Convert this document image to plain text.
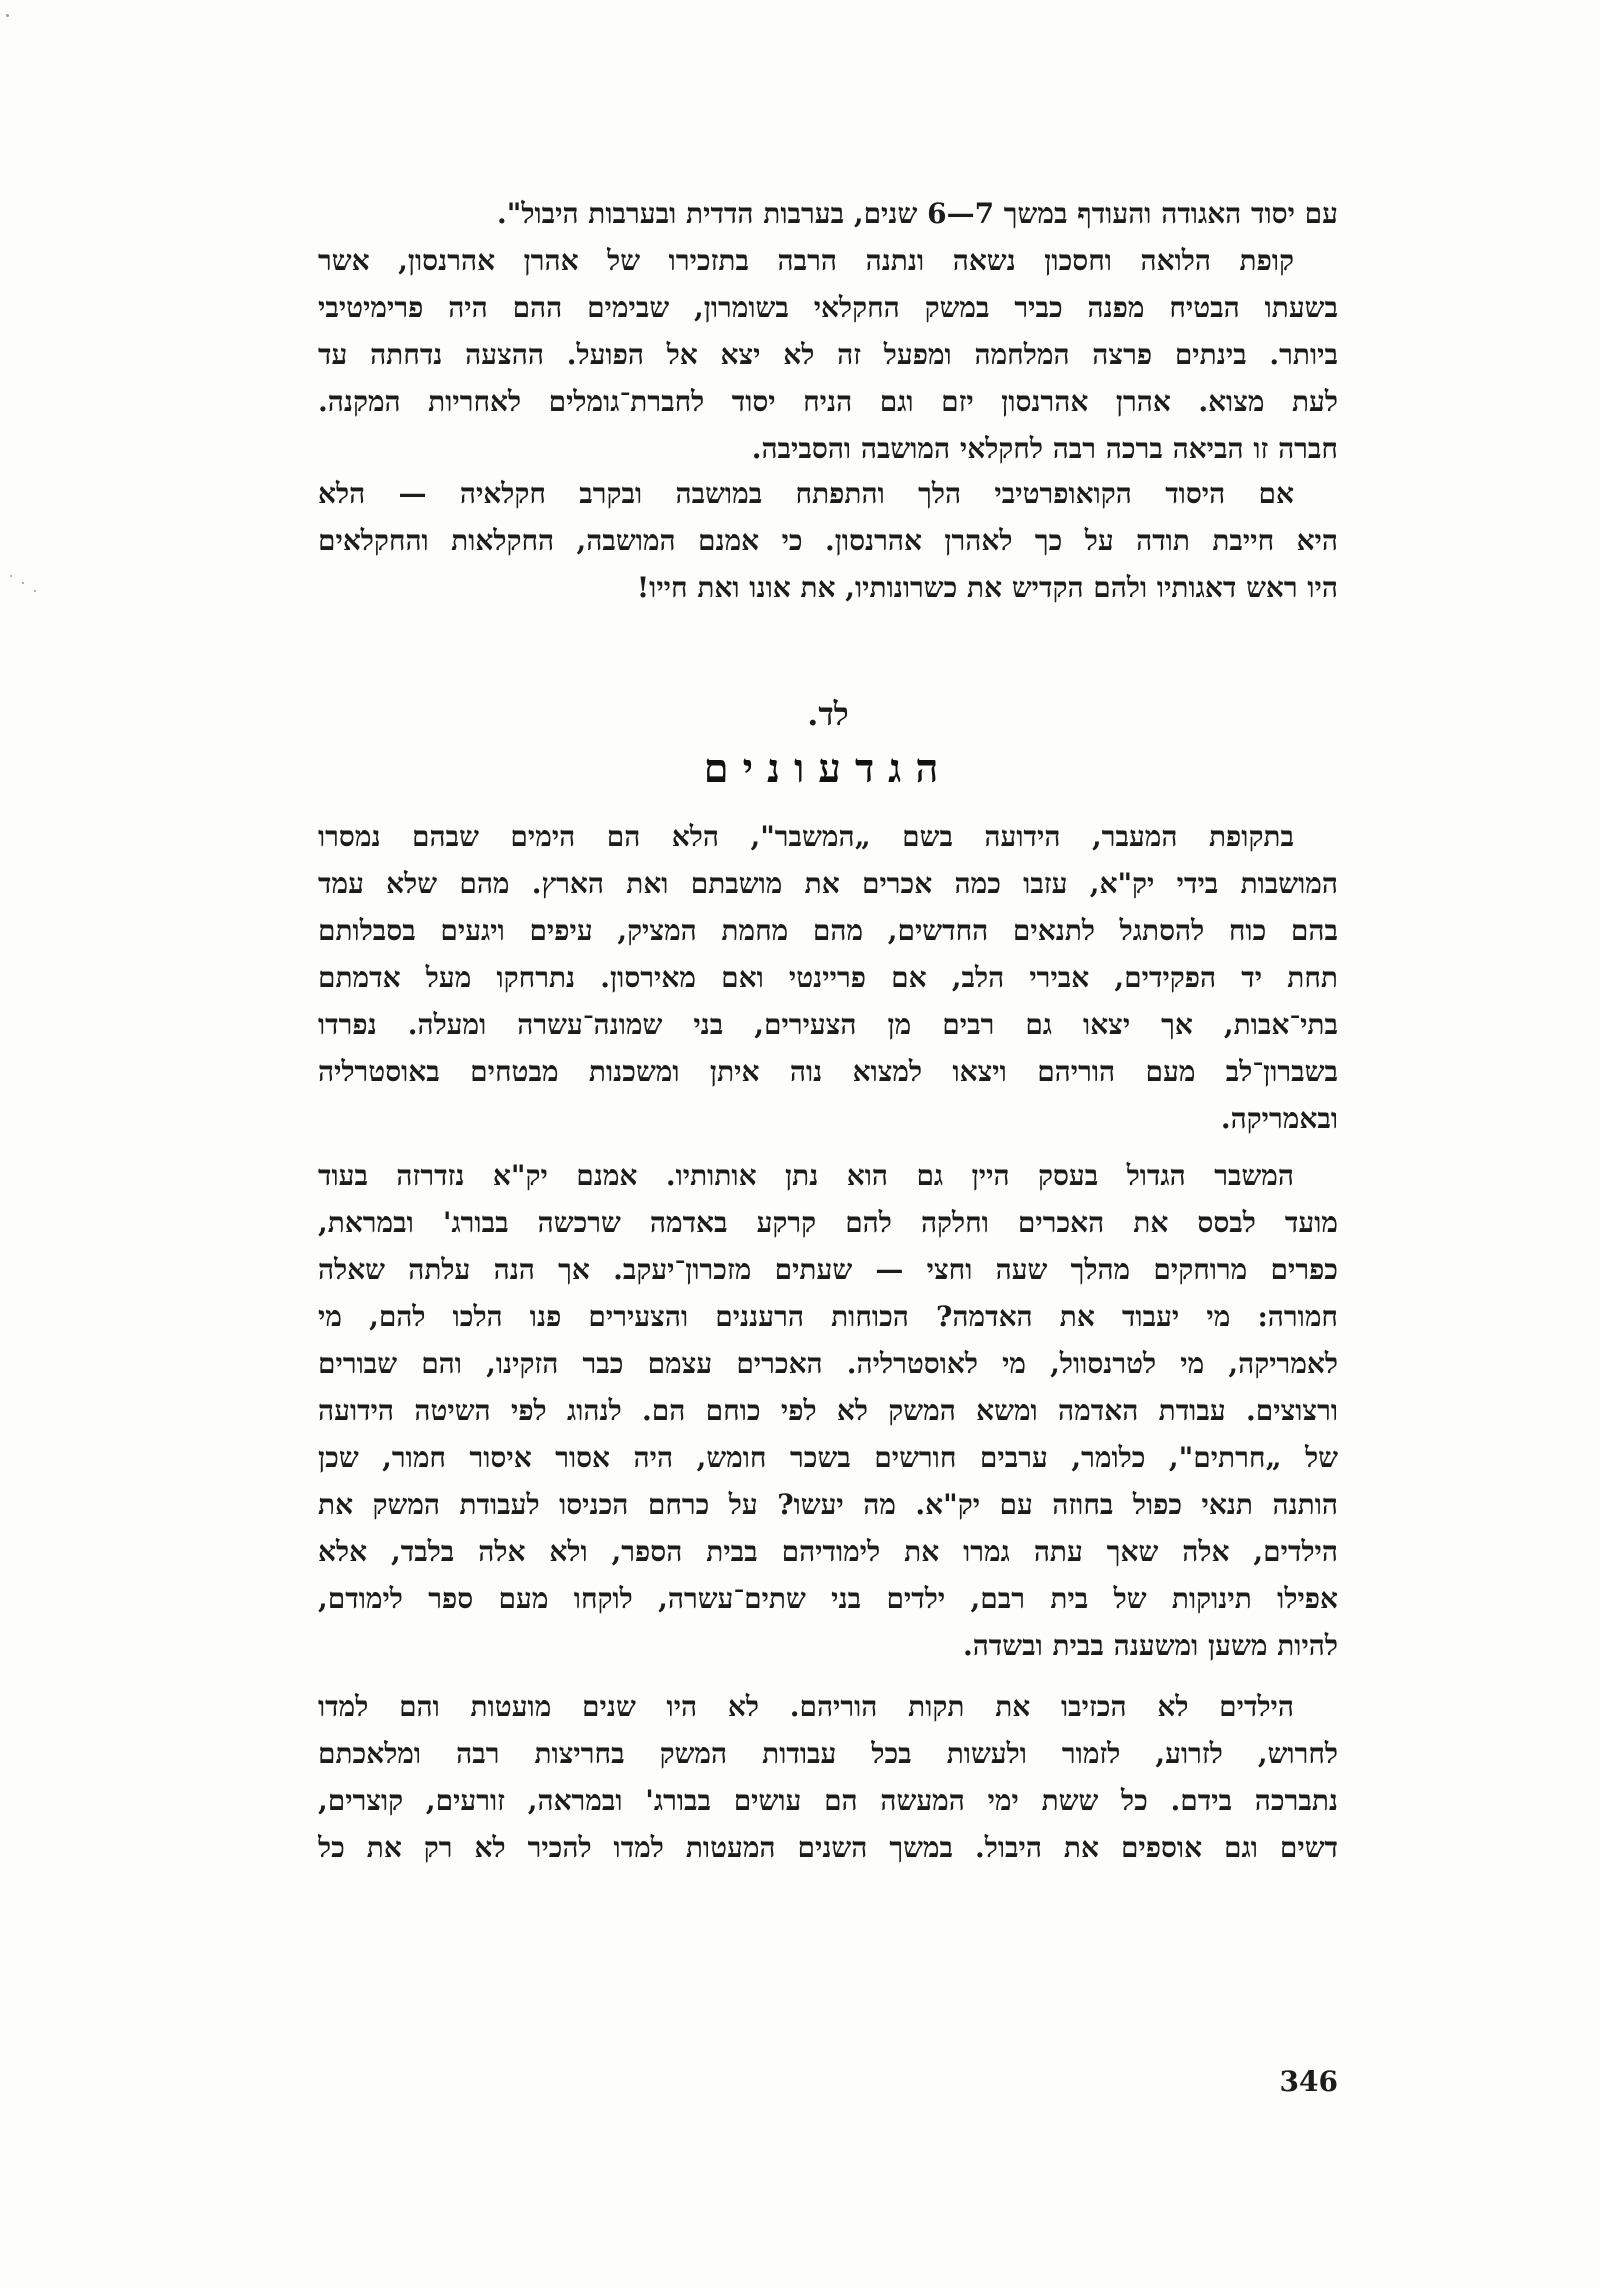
עם יסוד האגודה והעודף במשך 7—6 שנים, בערבות הדדית ובערבות היבול".
קופת הלואה וחסכון נשאה ונתנה הרבה בתזכירו של אהרן אהרנסון, אשר
בשעתו הבטיח מפנה כביר במשק החקלאי בשומרון, שבימים ההם היה פרימיטיבי
ביותר. בינתים פרצה המלחמה ומפעל זה לא יצא אל הפועל. ההצעה נדחתה עד
לעת מצוא. אהרן אהרנסון יזם וגם הניח יסוד לחברת־גומלים לאחריות המקנה.
חברה זו הביאה ברכה רבה לחקלאי המושבה והסביבה.
אם היסוד הקואופרטיבי הלך והתפתח במושבה ובקרב חקלאיה — הלא
היא חייבת תודה על כך לאהרן אהרנסון. כי אמנם המושבה, החקלאות והחקלאים
היו ראש דאגותיו ולהם הקדיש את כשרונותיו, את אונו ואת חייו!
לד.
הגדעונים
בתקופת המעבר, הידועה בשם „המשבר", הלא הם הימים שבהם נמסרו
המושבות בידי יק"א, עזבו כמה אכרים את מושבתם ואת הארץ. מהם שלא עמד
בהם כוח להסתגל לתנאים החדשים, מהם מחמת המציק, עיפים ויגעים בסבלותם
תחת יד הפקידים, אבירי הלב, אם פריינטי ואם מאירסון. נתרחקו מעל אדמתם
בתי־אבות, אך יצאו גם רבים מן הצעירים, בני שמונה־עשרה ומעלה. נפרדו
בשברון־לב מעם הוריהם ויצאו למצוא נוה איתן ומשכנות מבטחים באוסטרליה
ובאמריקה.
המשבר הגדול בעסק היין גם הוא נתן אותותיו. אמנם יק"א נזדרזה בעוד
מועד לבסס את האכרים וחלקה להם קרקע באדמה שרכשה בבורג' ובמראת,
כפרים מרוחקים מהלך שעה וחצי — שעתים מזכרון־יעקב. אך הנה עלתה שאלה
חמורה: מי יעבוד את האדמה? הכוחות הרעננים והצעירים פנו הלכו להם, מי
לאמריקה, מי לטרנסוול, מי לאוסטרליה. האכרים עצמם כבר הזקינו, והם שבורים
ורצוצים. עבודת האדמה ומשא המשק לא לפי כוחם הם. לנהוג לפי השיטה הידועה
של „חרתים", כלומר, ערבים חורשים בשכר חומש, היה אסור איסור חמור, שכן
הותנה תנאי כפול בחוזה עם יק"א. מה יעשו? על כרחם הכניסו לעבודת המשק את
הילדים, אלה שאך עתה גמרו את לימודיהם בבית הספר, ולא אלה בלבד, אלא
אפילו תינוקות של בית רבם, ילדים בני שתים־עשרה, לוקחו מעם ספר לימודם,
להיות משען ומשענה בבית ובשדה.
הילדים לא הכזיבו את תקות הוריהם. לא היו שנים מועטות והם למדו
לחרוש, לזרוע, לזמור ולעשות בכל עבודות המשק בחריצות רבה ומלאכתם
נתברכה בידם. כל ששת ימי המעשה הם עושים בבורג' ובמראה, זורעים, קוצרים,
דשים וגם אוספים את היבול. במשך השנים המעטות למדו להכיר לא רק את כל
346
